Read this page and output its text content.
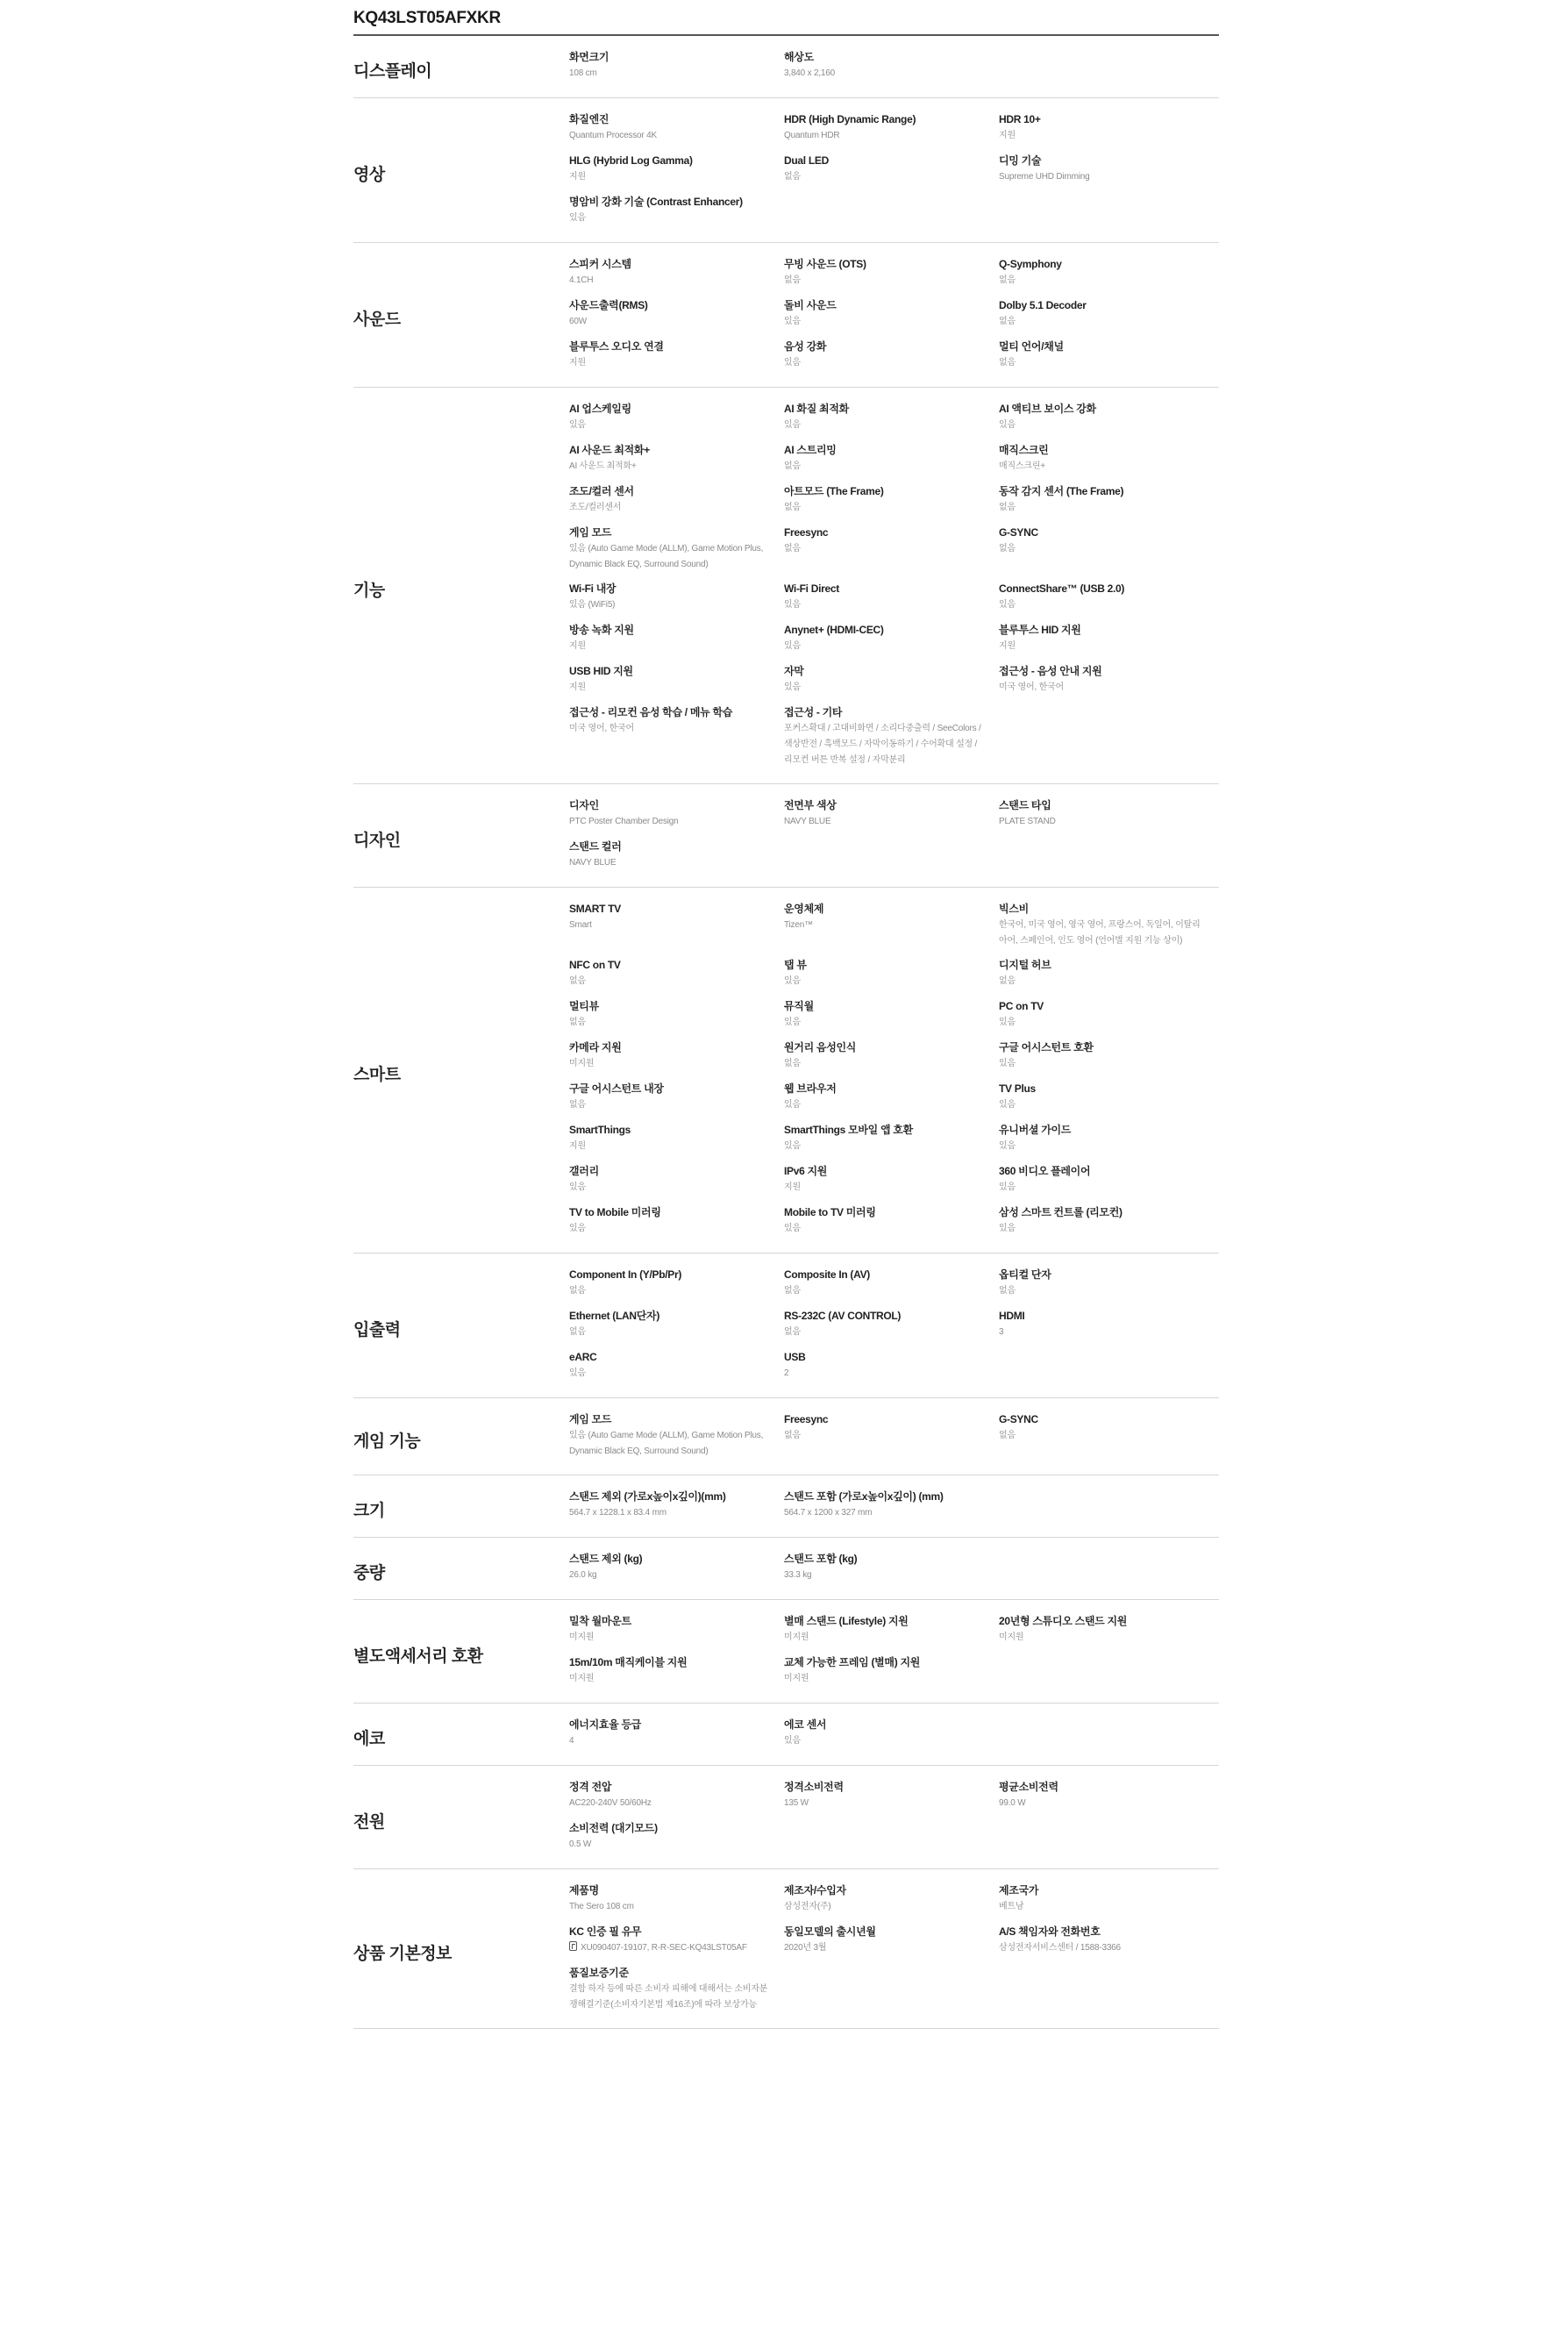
KQ43LST05AFXKR
디스플레이
화면크기
108 cm
해상도
3,840 x 2,160
영상
화질엔진
Quantum Processor 4K
HDR (High Dynamic Range)
Quantum HDR
HDR 10+
지원
HLG (Hybrid Log Gamma)
지원
Dual LED
없음
디밍 기술
Supreme UHD Dimming
명암비 강화 기술 (Contrast Enhancer)
있음
사운드
스피커 시스템
4.1CH
무빙 사운드 (OTS)
없음
Q-Symphony
없음
사운드출력(RMS)
60W
돌비 사운드
있음
Dolby 5.1 Decoder
없음
블루투스 오디오 연결
지원
음성 강화
있음
멀티 언어/채널
없음
기능
AI 업스케일링
있음
AI 화질 최적화
있음
AI 액티브 보이스 강화
있음
AI 사운드 최적화+
AI 사운드 최적화+
AI 스트리밍
없음
매직스크린
매직스크린+
조도/컬러 센서
조도/컬러센서
아트모드 (The Frame)
없음
동작 감지 센서 (The Frame)
없음
게임 모드
있음 (Auto Game Mode (ALLM), Game Motion Plus, Dynamic Black EQ, Surround Sound)
Freesync
없음
G-SYNC
없음
Wi-Fi 내장
있음 (WiFi5)
Wi-Fi Direct
있음
ConnectShare™ (USB 2.0)
있음
방송 녹화 지원
지원
Anynet+ (HDMI-CEC)
있음
블루투스 HID 지원
지원
USB HID 지원
지원
자막
있음
접근성 - 음성 안내 지원
미국 영어, 한국어
접근성 - 리모컨 음성 학습 / 메뉴 학습
미국 영어, 한국어
접근성 - 기타
포커스확대 / 고대비화면 / 소리다중출력 / SeeColors / 색상반전 / 흑백모드 / 자막이동하기 / 수어확대 설정 / 리모컨 버튼 반복 설정 / 자막분리
디자인
디자인
PTC Poster Chamber Design
전면부 색상
NAVY BLUE
스탠드 타입
PLATE STAND
스탠드 컬러
NAVY BLUE
스마트
SMART TV
Smart
운영체제
Tizen™
빅스비
한국어, 미국 영어, 영국 영어, 프랑스어, 독일어, 이탈리아어, 스페인어, 인도 영어 (언어별 지원 기능 상이)
NFC on TV
없음
탭 뷰
있음
디지털 허브
없음
멀티뷰
없음
뮤직월
있음
PC on TV
있음
카메라 지원
미지원
원거리 음성인식
없음
구글 어시스턴트 호환
있음
구글 어시스턴트 내장
없음
웹 브라우저
있음
TV Plus
있음
SmartThings
지원
SmartThings 모바일 앱 호환
있음
유니버셜 가이드
있음
갤러리
있음
IPv6 지원
지원
360 비디오 플레이어
있음
TV to Mobile 미러링
있음
Mobile to TV 미러링
있음
삼성 스마트 컨트롤 (리모컨)
있음
입출력
Component In (Y/Pb/Pr)
없음
Composite In (AV)
없음
옵티컬 단자
없음
Ethernet (LAN단자)
없음
RS-232C (AV CONTROL)
없음
HDMI
3
eARC
있음
USB
2
게임 기능
게임 모드
있음 (Auto Game Mode (ALLM), Game Motion Plus, Dynamic Black EQ, Surround Sound)
Freesync
없음
G-SYNC
없음
크기
스탠드 제외 (가로x높이x깊이)(mm)
564.7 x 1228.1 x 83.4 mm
스탠드 포함 (가로x높이x깊이) (mm)
564.7 x 1200 x 327 mm
중량
스탠드 제외 (kg)
26.0 kg
스탠드 포함 (kg)
33.3 kg
별도액세서리 호환
밀착 월마운트
미지원
별매 스탠드 (Lifestyle) 지원
미지원
20년형 스튜디오 스탠드 지원
미지원
15m/10m 매직케이블 지원
미지원
교체 가능한 프레임 (별매) 지원
미지원
에코
에너지효율 등급
4
에코 센서
있음
전원
정격 전압
AC220-240V 50/60Hz
정격소비전력
135 W
평균소비전력
99.0 W
소비전력 (대기모드)
0.5 W
상품 기본정보
제품명
The Sero 108 cm
제조자/수입자
삼성전자(주)
제조국가
베트남
KC 인증 필 유무
XU090407-19107, R-R-SEC-KQ43LST05AF
동일모델의 출시년월
2020년 3월
A/S 책임자와 전화번호
삼성전자서비스센터 / 1588-3366
품질보증기준
결함 하자 등에 따른 소비자 피해에 대해서는 소비자분쟁해결기준(소비자기본법 제16조)에 따라 보상가능
